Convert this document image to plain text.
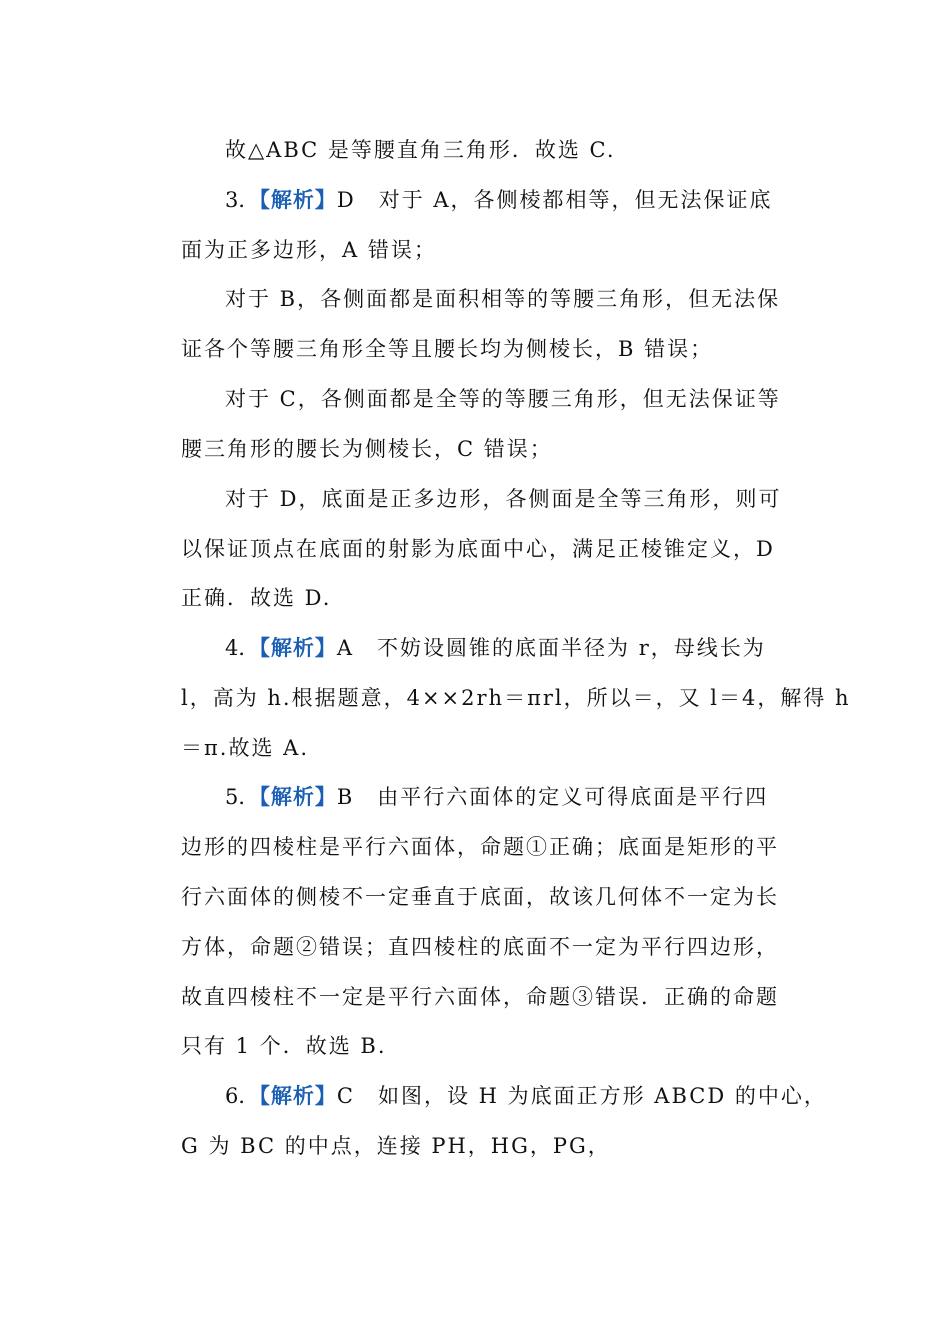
故△ABC 是等腰直角三角形．故选 C.
3．【解析】D　对于 A，各侧棱都相等，但无法保证底
面为正多边形，A 错误；
对于 B，各侧面都是面积相等的等腰三角形，但无法保
证各个等腰三角形全等且腰长均为侧棱长，B 错误；
对于 C，各侧面都是全等的等腰三角形，但无法保证等
腰三角形的腰长为侧棱长，C 错误；
对于 D，底面是正多边形，各侧面是全等三角形，则可
以保证顶点在底面的射影为底面中心，满足正棱锥定义，D
正确．故选 D.
4．【解析】A　不妨设圆锥的底面半径为 r，母线长为
l，高为 h.根据题意，4××2rh＝πrl，所以＝，又 l＝4，解得 h
＝π.故选 A.
5．【解析】B　由平行六面体的定义可得底面是平行四
边形的四棱柱是平行六面体，命题①正确；底面是矩形的平
行六面体的侧棱不一定垂直于底面，故该几何体不一定为长
方体，命题②错误；直四棱柱的底面不一定为平行四边形，
故直四棱柱不一定是平行六面体，命题③错误．正确的命题
只有 1 个．故选 B.
6．【解析】C　如图，设 H 为底面正方形 ABCD 的中心，
G 为 BC 的中点，连接 PH，HG，PG，
